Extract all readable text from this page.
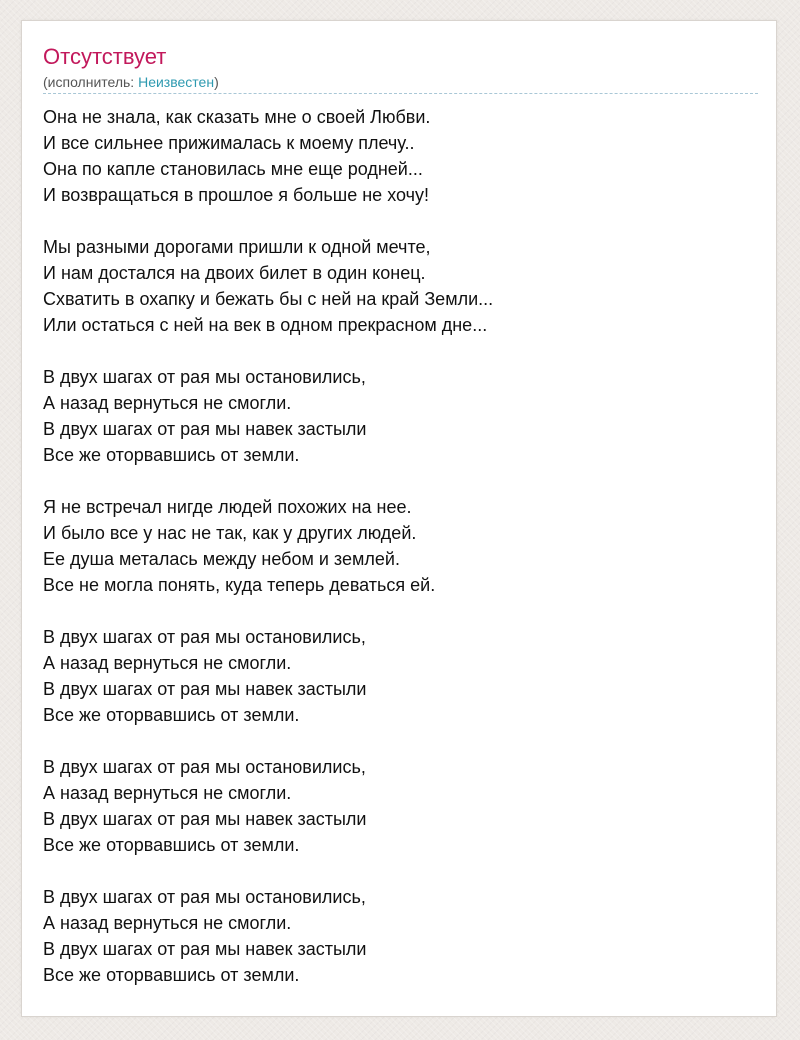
Отсутствует
(исполнитель: Неизвестен)
Она не знала, как сказать мне о своей Любви.
И все сильнее прижималась к моему плечу..
Она по капле становилась мне еще родней...
И возвращаться в прошлое я больше не хочу!
Мы разными дорогами пришли к одной мечте,
И нам достался на двоих билет в один конец.
Схватить в охапку и бежать бы с ней на край Земли...
Или остаться с ней на век в одном прекрасном дне...
В двух шагах от рая мы остановились,
А назад вернуться не смогли.
В двух шагах от рая мы навек застыли
Все же оторвавшись от земли.
Я не встречал нигде людей похожих на нее.
И было все у нас не так, как у других людей.
Ее душа металась между небом и землей.
Все не могла понять, куда теперь деваться ей.
В двух шагах от рая мы остановились,
А назад вернуться не смогли.
В двух шагах от рая мы навек застыли
Все же оторвавшись от земли.
В двух шагах от рая мы остановились,
А назад вернуться не смогли.
В двух шагах от рая мы навек застыли
Все же оторвавшись от земли.
В двух шагах от рая мы остановились,
А назад вернуться не смогли.
В двух шагах от рая мы навек застыли
Все же оторвавшись от земли.
